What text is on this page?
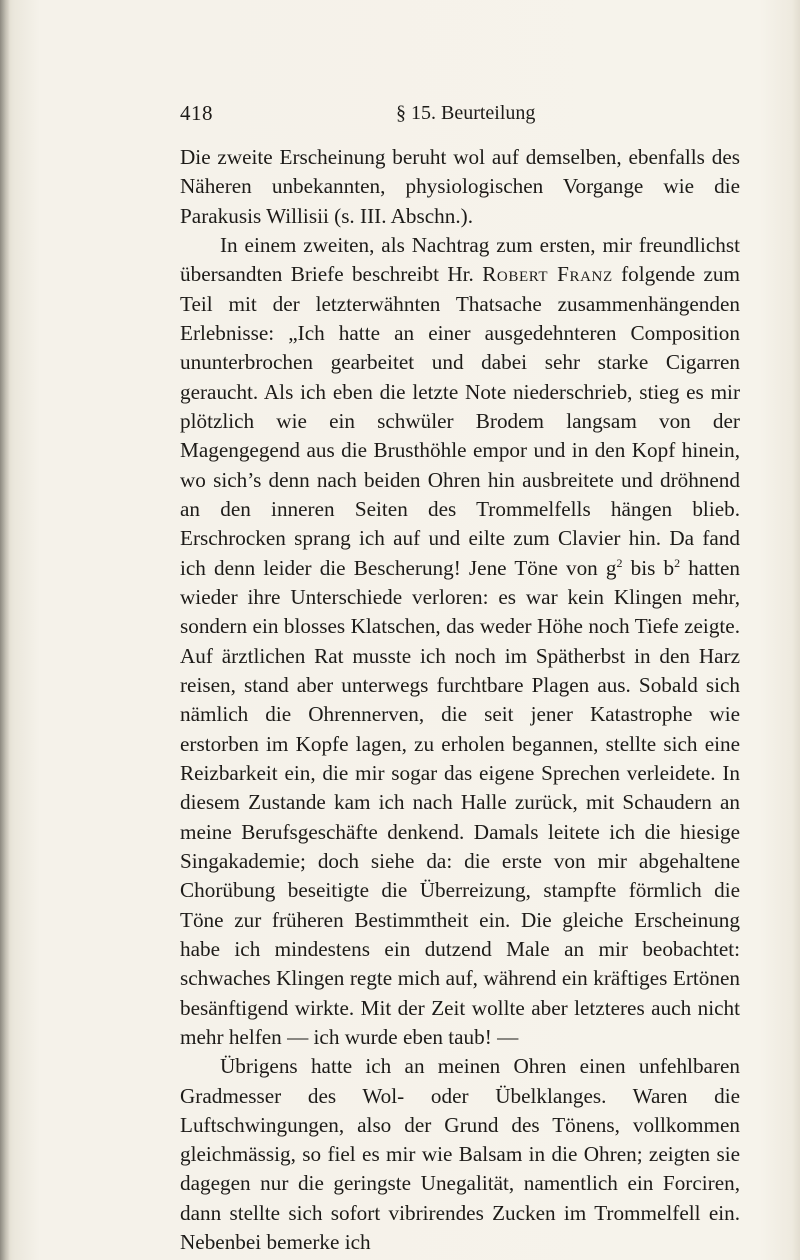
418	§ 15. Beurteilung

Die zweite Erscheinung beruht wol auf demselben, ebenfalls des Näheren unbekannten, physiologischen Vorgange wie die Parakusis Willisii (s. III. Abschn.).

In einem zweiten, als Nachtrag zum ersten, mir freundlichst übersandten Briefe beschreibt Hr. Robert Franz folgende zum Teil mit der letzterwähnten Thatsache zusammenhängenden Erlebnisse: „Ich hatte an einer ausgedehnteren Composition ununterbrochen gearbeitet und dabei sehr starke Cigarren geraucht. Als ich eben die letzte Note niederschrieb, stieg es mir plötzlich wie ein schwüler Brodem langsam von der Magengegend aus die Brusthöhle empor und in den Kopf hinein, wo sich’s denn nach beiden Ohren hin ausbreitete und dröhnend an den inneren Seiten des Trommelfells hängen blieb. Erschrocken sprang ich auf und eilte zum Clavier hin. Da fand ich denn leider die Bescherung! Jene Töne von $g^2$ bis $b^2$ hatten wieder ihre Unterschiede verloren: es war kein Klingen mehr, sondern ein blosses Klatschen, das weder Höhe noch Tiefe zeigte. Auf ärztlichen Rat musste ich noch im Spätherbst in den Harz reisen, stand aber unterwegs furchtbare Plagen aus. Sobald sich nämlich die Ohrennerven, die seit jener Katastrophe wie erstorben im Kopfe lagen, zu erholen begannen, stellte sich eine Reizbarkeit ein, die mir sogar das eigene Sprechen verleidete. In diesem Zustande kam ich nach Halle zurück, mit Schaudern an meine Berufsgeschäfte denkend. Damals leitete ich die hiesige Singakademie; doch siehe da: die erste von mir abgehaltene Chorübung beseitigte die Überreizung, stampfte förmlich die Töne zur früheren Bestimmtheit ein. Die gleiche Erscheinung habe ich mindestens ein dutzend Male an mir beobachtet: schwaches Klingen regte mich auf, während ein kräftiges Ertönen besänftigend wirkte. Mit der Zeit wollte aber letzteres auch nicht mehr helfen — ich wurde eben taub! —

Übrigens hatte ich an meinen Ohren einen unfehlbaren Gradmesser des Wol- oder Übelklanges. Waren die Luftschwingungen, also der Grund des Tönens, vollkommen gleichmässig, so fiel es mir wie Balsam in die Ohren; zeigten sie dagegen nur die geringste Unegalität, namentlich ein Forciren, dann stellte sich sofort vibrirendes Zucken im Trommelfell ein. Nebenbei bemerke ich
